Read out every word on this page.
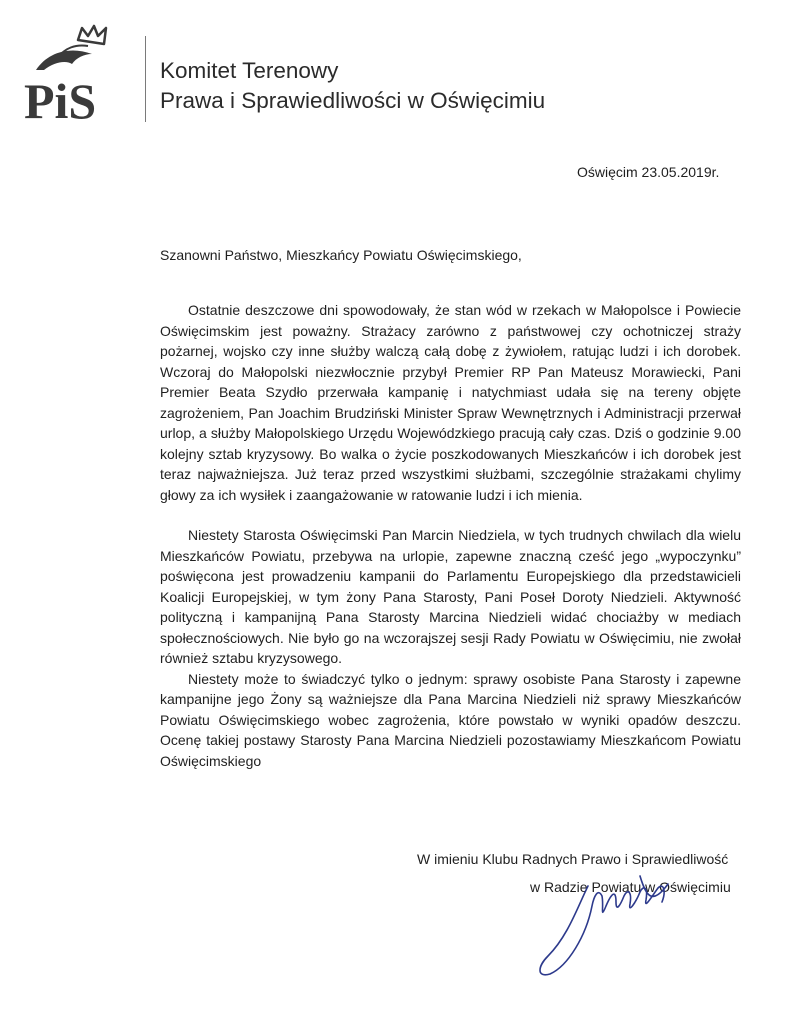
PiS
Komitet Terenowy
Prawa i Sprawiedliwości w Oświęcimiu
Oświęcim 23.05.2019r.
Szanowni Państwo, Mieszkańcy Powiatu Oświęcimskiego,

Ostatnie deszczowe dni spowodowały, że stan wód w rzekach w Małopolsce i Powiecie Oświęcimskim jest poważny. Strażacy zarówno z państwowej czy ochotniczej straży pożarnej, wojsko czy inne służby walczą całą dobę z żywiołem, ratując ludzi i ich dorobek. Wczoraj do Małopolski niezwłocznie przybył Premier RP Pan Mateusz Morawiecki, Pani Premier Beata Szydło przerwała kampanię i natychmiast udała się na tereny objęte zagrożeniem, Pan Joachim Brudziński Minister Spraw Wewnętrznych i Administracji przerwał urlop, a służby Małopolskiego Urzędu Wojewódzkiego pracują cały czas. Dziś o godzinie 9.00 kolejny sztab kryzysowy. Bo walka o życie poszkodowanych Mieszkańców i ich dorobek jest teraz najważniejsza. Już teraz przed wszystkimi służbami, szczególnie strażakami chylimy głowy za ich wysiłek i zaangażowanie w ratowanie ludzi i ich mienia.

Niestety Starosta Oświęcimski Pan Marcin Niedziela, w tych trudnych chwilach dla wielu Mieszkańców Powiatu, przebywa na urlopie, zapewne znaczną cześć jego „wypoczynku” poświęcona jest prowadzeniu kampanii do Parlamentu Europejskiego dla przedstawicieli Koalicji Europejskiej, w tym żony Pana Starosty, Pani Poseł Doroty Niedzieli. Aktywność polityczną i kampanijną Pana Starosty Marcina Niedzieli widać chociażby w mediach społecznościowych. Nie było go na wczorajszej sesji Rady Powiatu w Oświęcimiu, nie zwołał również sztabu kryzysowego.

Niestety może to świadczyć tylko o jednym: sprawy osobiste Pana Starosty i zapewne kampanijne jego Żony są ważniejsze dla Pana Marcina Niedzieli niż sprawy Mieszkańców Powiatu Oświęcimskiego wobec zagrożenia, które powstało w wyniki opadów deszczu. Ocenę takiej postawy Starosty Pana Marcina Niedzieli pozostawiamy Mieszkańcom Powiatu Oświęcimskiego

W imieniu Klubu Radnych Prawo i Sprawiedliwość
w Radzie Powiatu w Oświęcimiu
